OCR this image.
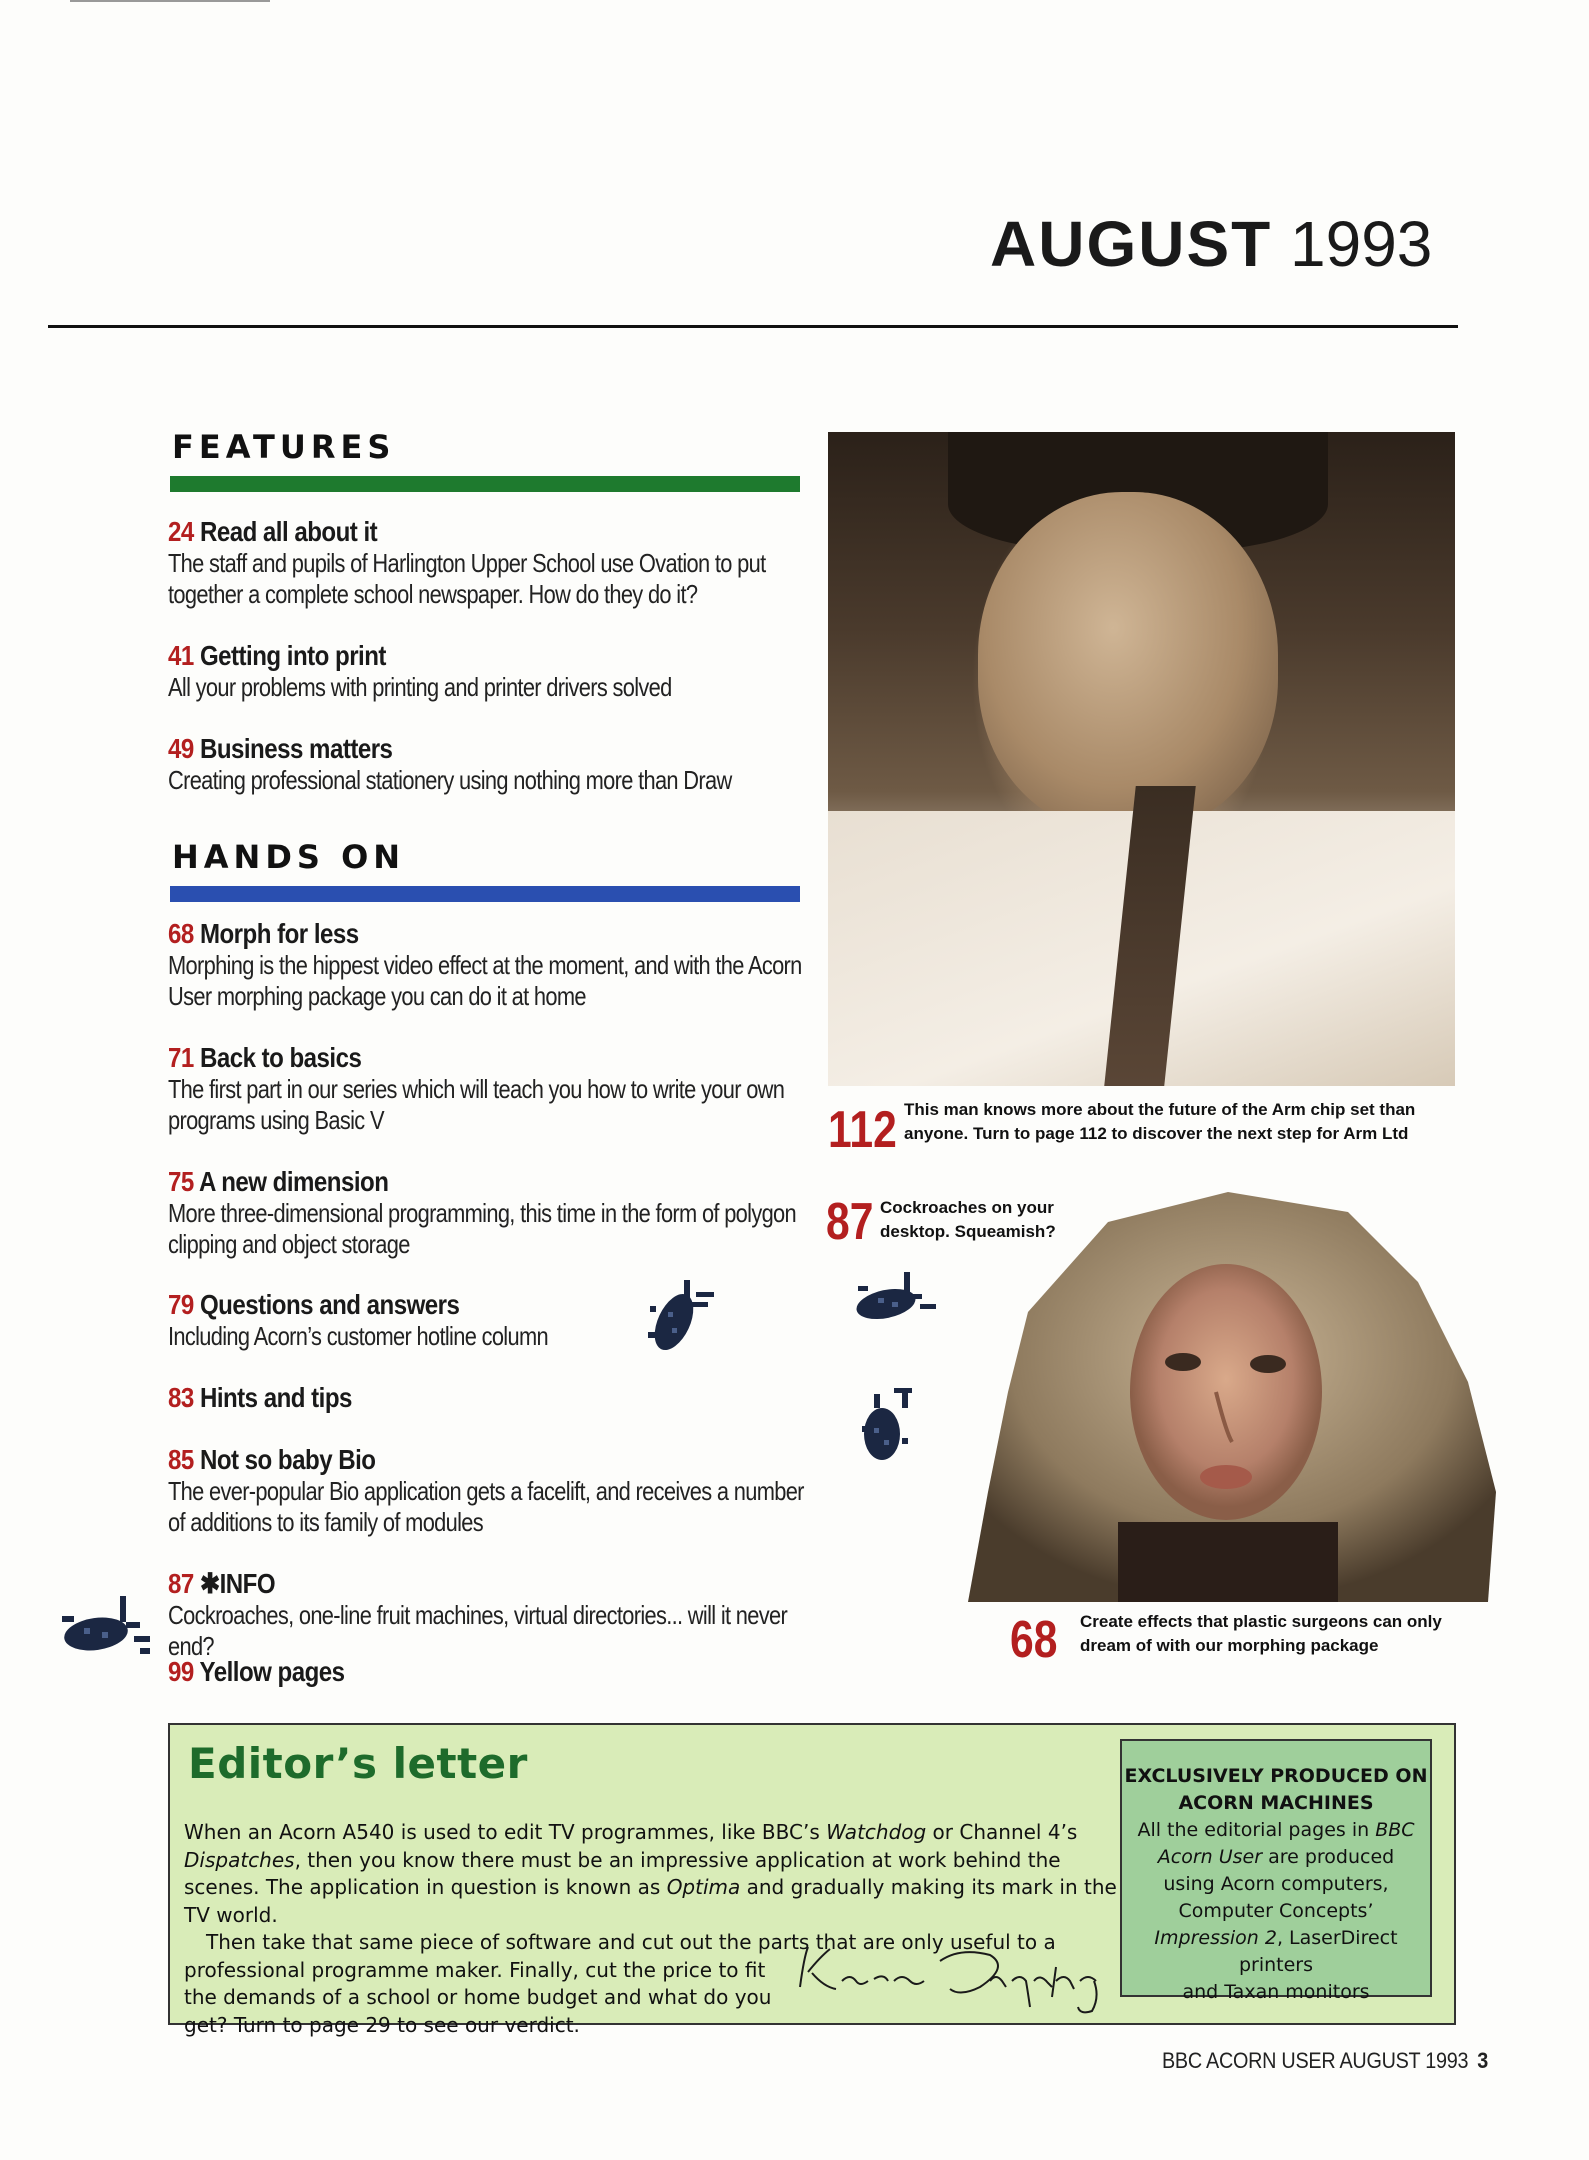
AUGUST 1993
FEATURES
24 Read all about it
The staff and pupils of Harlington Upper School use Ovation to put together a complete school newspaper. How do they do it?
41 Getting into print
All your problems with printing and printer drivers solved
49 Business matters
Creating professional stationery using nothing more than Draw
HANDS ON
68 Morph for less
Morphing is the hippest video effect at the moment, and with the Acorn User morphing package you can do it at home
71 Back to basics
The first part in our series which will teach you how to write your own programs using Basic V
75 A new dimension
More three-dimensional programming, this time in the form of polygon clipping and object storage
79 Questions and answers
Including Acorn’s customer hotline column
83 Hints and tips
85 Not so baby Bio
The ever-popular Bio application gets a facelift, and receives a number of additions to its family of modules
87 ✱INFO
Cockroaches, one-line fruit machines, virtual directories... will it never end?
99 Yellow pages
112 This man knows more about the future of the Arm chip set than anyone. Turn to page 112 to discover the next step for Arm Ltd
87 Cockroaches on your desktop. Squeamish?
68 Create effects that plastic surgeons can only dream of with our morphing package
Editor’s letter

When an Acorn A540 is used to edit TV programmes, like BBC’s Watchdog or Channel 4’s Dispatches, then you know there must be an impressive application at work behind the scenes. The application in question is known as Optima and gradually making its mark in the TV world.

Then take that same piece of software and cut out the parts that are only useful to a

professional programme maker. Finally, cut the price to fit
the demands of a school or home budget and what do you
get? Turn to page 29 to see our verdict.

EXCLUSIVELY PRODUCED ON
ACORN MACHINES
All the editorial pages in BBC
Acorn User are produced
using Acorn computers,
Computer Concepts’
Impression 2, LaserDirect printers
and Taxan monitors
BBC ACORN USER AUGUST 1993 3
